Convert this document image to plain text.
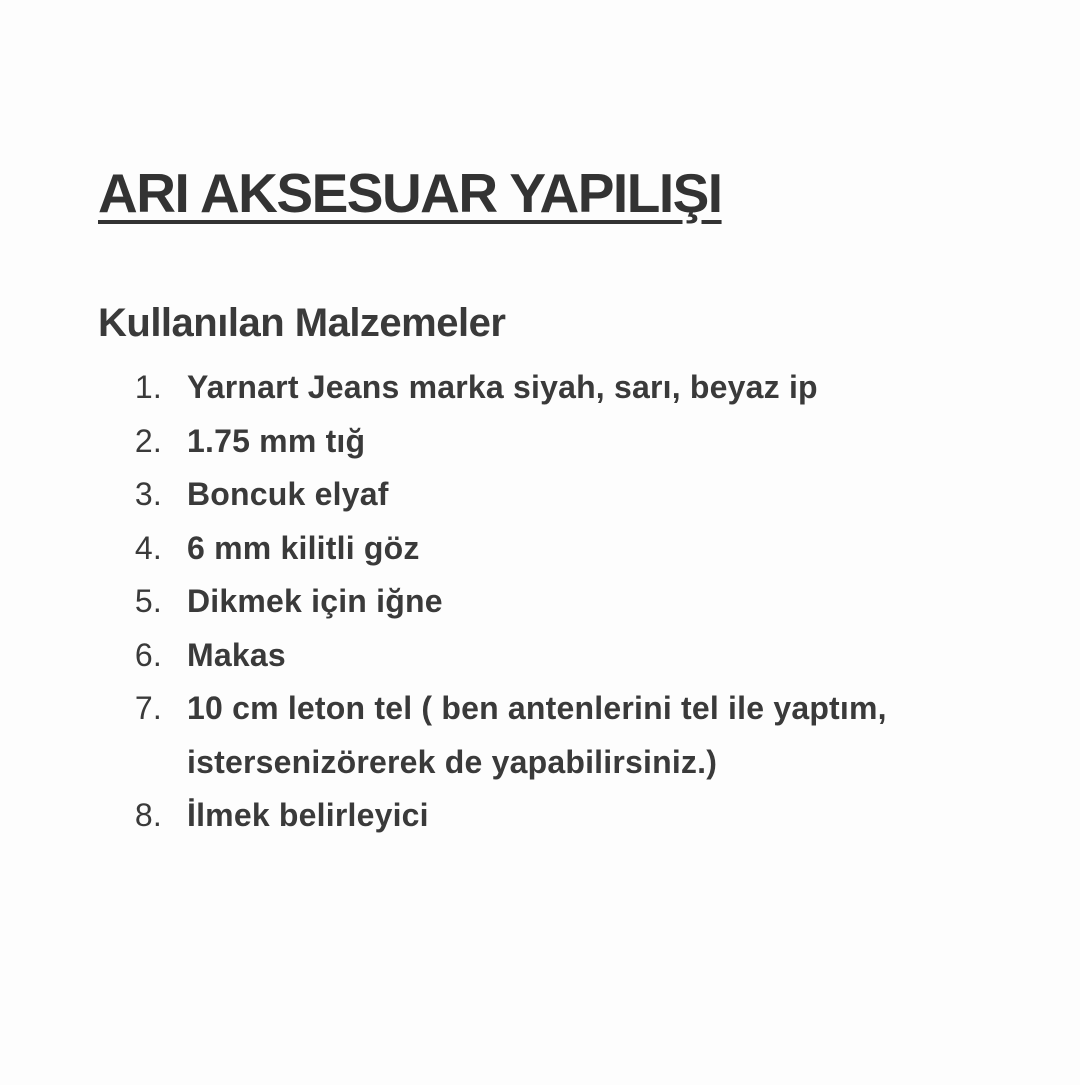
ARI AKSESUAR YAPILIŞI
Kullanılan Malzemeler
1. Yarnart Jeans marka siyah, sarı, beyaz ip
2. 1.75 mm tığ
3. Boncuk elyaf
4. 6 mm kilitli göz
5. Dikmek için iğne
6. Makas
7. 10 cm leton tel ( ben antenlerini tel ile yaptım, istersenizörerek de yapabilirsiniz.)
8. İlmek belirleyici
